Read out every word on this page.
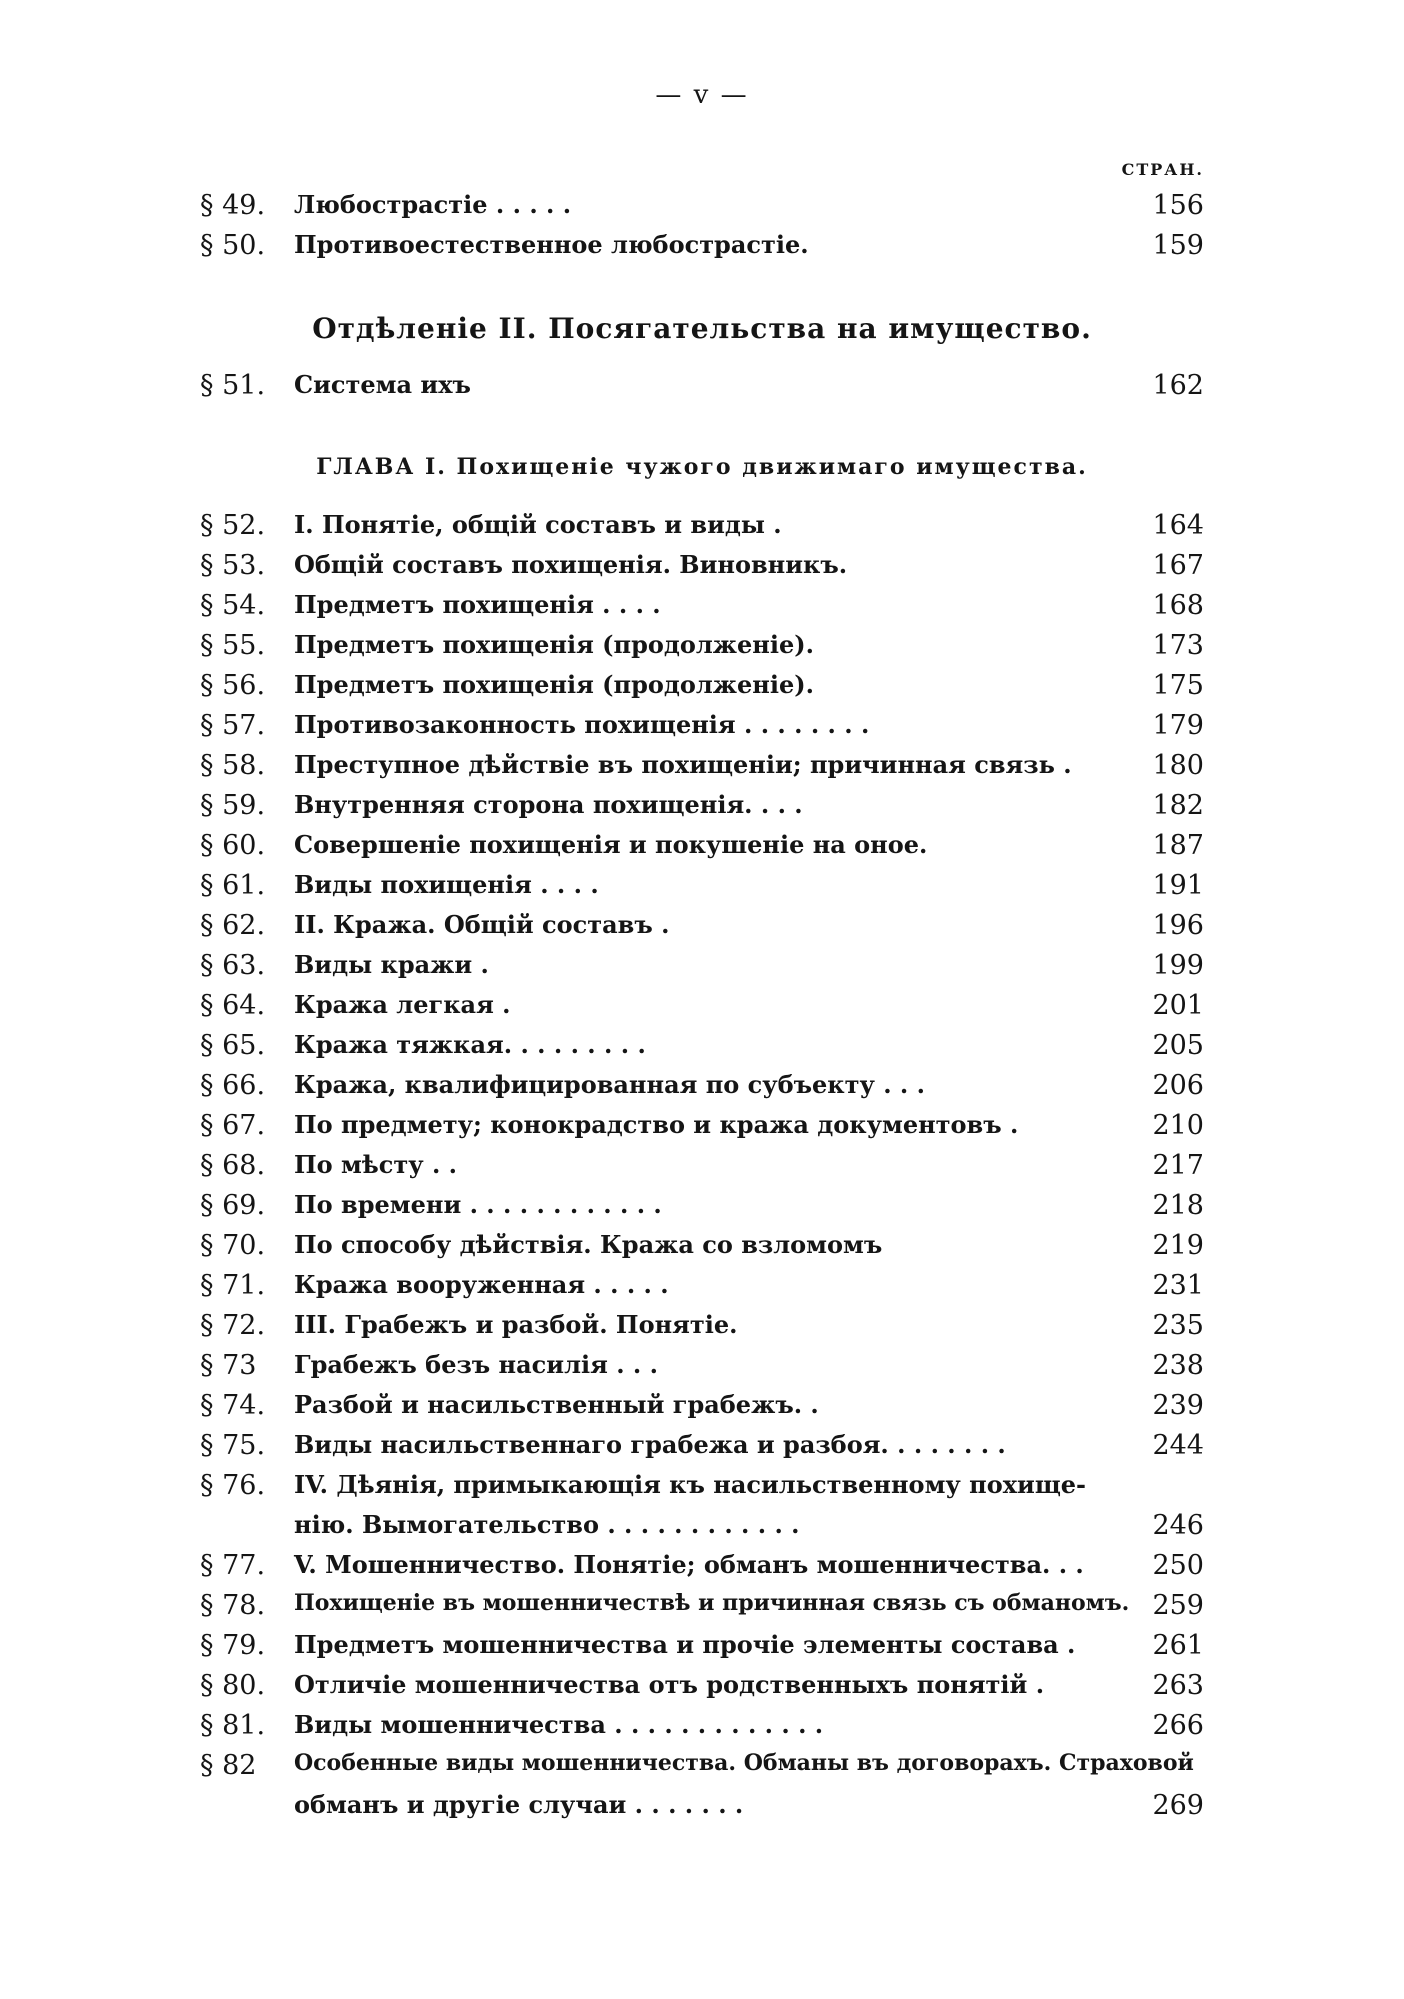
— v —
СТРАН.
Отдѣленіе II. Посягательства на имущество.
ГЛАВА I. Похищеніе чужого движимаго имущества.
§ 49.	Любострастіе . . . . .	156
§ 50.	Противоестественное любострастіе.	159
§ 51.	Система ихъ	162
§ 52.	I. Понятіе, общій составъ и виды .	164
§ 53.	Общій составъ похищенія. Виновникъ.	167
§ 54.	Предметъ похищенія . . . .	168
§ 55.	Предметъ похищенія (продолженіе).	173
§ 56.	Предметъ похищенія (продолженіе).	175
§ 57.	Противозаконность похищенія . . . . . . . .	179
§ 58.	Преступное дѣйствіе въ похищеніи; причинная связь .	180
§ 59.	Внутренняя сторона похищенія. . . .	182
§ 60.	Совершеніе похищенія и покушеніе на оное.	187
§ 61.	Виды похищенія . . . .	191
§ 62.	II. Кража. Общій составъ .	196
§ 63.	Виды кражи .	199
§ 64.	Кража легкая .	201
§ 65.	Кража тяжкая. . . . . . . . .	205
§ 66.	Кража, квалифицированная по субъекту . . .	206
§ 67.	По предмету; конокрадство и кража документовъ .	210
§ 68.	По мѣсту . .	217
§ 69.	По времени . . . . . . . . . . . .	218
§ 70.	По способу дѣйствія. Кража со взломомъ	219
§ 71.	Кража вооруженная . . . . .	231
§ 72.	III. Грабежъ и разбой. Понятіе.	235
§ 73	Грабежъ безъ насилія . . .	238
§ 74.	Разбой и насильственный грабежъ. .	239
§ 75.	Виды насильственнаго грабежа и разбоя. . . . . . . .	244
§ 76.	IV. Дѣянія, примыкающія къ насильственному похище-
нію. Вымогательство . . . . . . . . . . . .	246
§ 77.	V. Мошенничество. Понятіе; обманъ мошенничества. . .	250
§ 78.	Похищеніе въ мошенничествѣ и причинная связь съ обманомъ. 259
§ 79.	Предметъ мошенничества и прочіе элементы состава .	261
§ 80.	Отличіе мошенничества отъ родственныхъ понятій .	263
§ 81.	Виды мошенничества . . . . . . . . . . . . .	266
§ 82	Особенные виды мошенничества. Обманы въ договорахъ. Страховой
обманъ и другіе случаи . . . . . . .	269
